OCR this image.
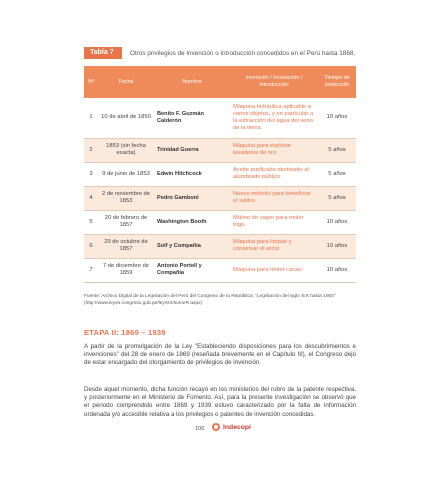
Tabla 7	Otros privilegios de invención o introducción concedidos en el Perú hasta 1868.
Nº	Fecha	Nombre	Invención / Innovación / Introducción	Tiempo de protección
1	10 de abril de 1850	Benito F. Guzmán Calderón	Máquina hidráulica aplicable a varios objetos, y en particular a la extracción del agua del seno de la tierra.	10 años
2	1853 (sin fecha exacta)	Trinidad Guerra	Máquina para explorar lavaderos de oro.	5 años
3	9 de junio de 1853	Edwin Hitchcock	Aceite purificado destinado al alumbrado público.	5 años
4	2 de noviembre de 1853	Pedro Gamboni	Nuevo método para beneficiar el salitre.	5 años
5	20 de febrero de 1857	Washington Booth	Molino de vapor para moler trigo.	10 años
6	29 de octubre de 1857	Solf y Compañía	Máquina para limpiar y conservar el arroz.	10 años
7	7 de diciembre de 1859	Antonio Portell y Compañía	Máquina para moler cacao.	10 años
Fuente: Archivo Digital de la Legislación del Perú del Congreso de la República: "Legislación del siglo XIX hasta 1904" (http://www.leyes.congreso.gob.pe/leyXIX/sumeR.aspx)
ETAPA II: 1869 – 1939

A partir de la promulgación de la Ley "Estableciendo disposiciones para los descubrimientos e invenciones" del 28 de enero de 1869 (reseñada brevemente en el Capítulo III), el Congreso dejó de estar encargado del otorgamiento de privilegios de invención.

Desde aquel momento, dicha función recayó en los ministerios del rubro de la patente respectiva, y posteriormente en el Ministerio de Fomento. Así, para la presente investigación se observó que el periodo comprendido entre 1869 y 1939 estuvo caracterizado por la falta de información ordenada y/o accesible relativa a los privilegios o patentes de invención concedidas.

106	Indecopi
